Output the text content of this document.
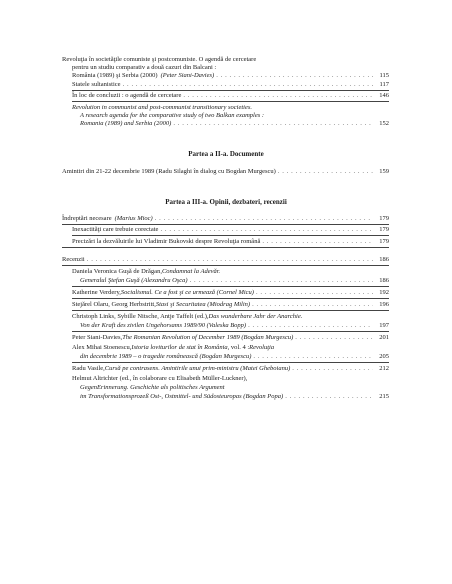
Revoluţia în societăţile comuniste şi postcomuniste. O agendă de cercetare
pentru un studiu comparativ a două cazuri din Balcani :
România (1989) şi Serbia (2000) (Peter Siani-Davies) . . .	115
Statele sultanistice . . .	117
În loc de concluzii : o agendă de cercetare . . .	146
Revolution in communist and post-communist transitionary societies.
A research agenda for the comparative study of two Balkan examples :
Romania (1989) and Serbia (2000) . . .	152
Partea a II-a. Documente
Amintiri din 21-22 decembrie 1989 (Radu Silaghi în dialog cu Bogdan Murgescu) . . .	159
Partea a III-a. Opinii, dezbateri, recenzii
Îndreptări necesare (Marius Mioc) . . .	179
Inexactităţi care trebuie corectate . . .	179
Precizări la dezvăluirile lui Vladimir Bukovski despre Revoluţia română . . .	179
Recenzii . . .	186
Daniela Veronica Guşă de Drăgan, Condamnat la Adevăr.
Generalul Ştefan Guşă (Alexandru Oşca) . . .	186
Katherine Verdery, Socialismul. Ce a fost şi ce urmează (Cornel Micu) . . .	192
Stejărel Olaru, Georg Herbstritt, Stasi şi Securitatea (Miodrag Milin) . . .	196
Christoph Links, Sybille Nitsche, Antje Taffelt (ed.), Das wunderbare Jahr der Anarchie.
Von der Kraft des zivilen Ungehorsams 1989/90 (Valeska Bopp) . . .	197
Peter Siani-Davies, The Romanian Revolution of December 1989 (Bogdan Murgescu) . . .	201
Alex Mihai Stoenescu, Istoria loviturilor de stat în România , vol. 4 : Revoluţia
din decembrie 1989 – o tragedie românească (Bogdan Murgescu) . . .	205
Radu Vasile, Cursă pe contrasens. Amintirile unui prim-ministru (Matei Gheboianu) . . .	212
Helmut Altrichter (ed., în colaborare cu Elisabeth Müller-Luckner),
GegenErinnerung. Geschichte als politisches Argument
im Transformationsprozeß Ost-, Ostmittel- und Südosteuropas (Bogdan Popa) . . .	215
